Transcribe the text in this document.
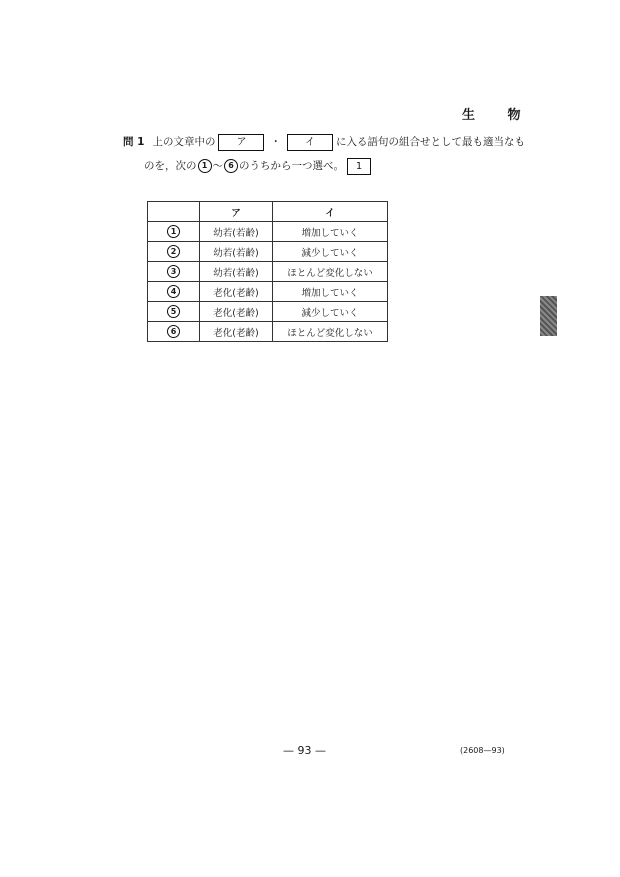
生 物
問 1 上の文章中の	ア	・	イ	に入る語句の組合せとして最も適当なも
のを，次の 1 ～ 6 のうちから一つ選べ。	1
	ア	イ
1	幼若(若齢)	増加していく
2	幼若(若齢)	減少していく
3	幼若(若齢)	ほとんど変化しない
4	老化(老齢)	増加していく
5	老化(老齢)	減少していく
6	老化(老齢)	ほとんど変化しない
— 93 —	(2608—93)
